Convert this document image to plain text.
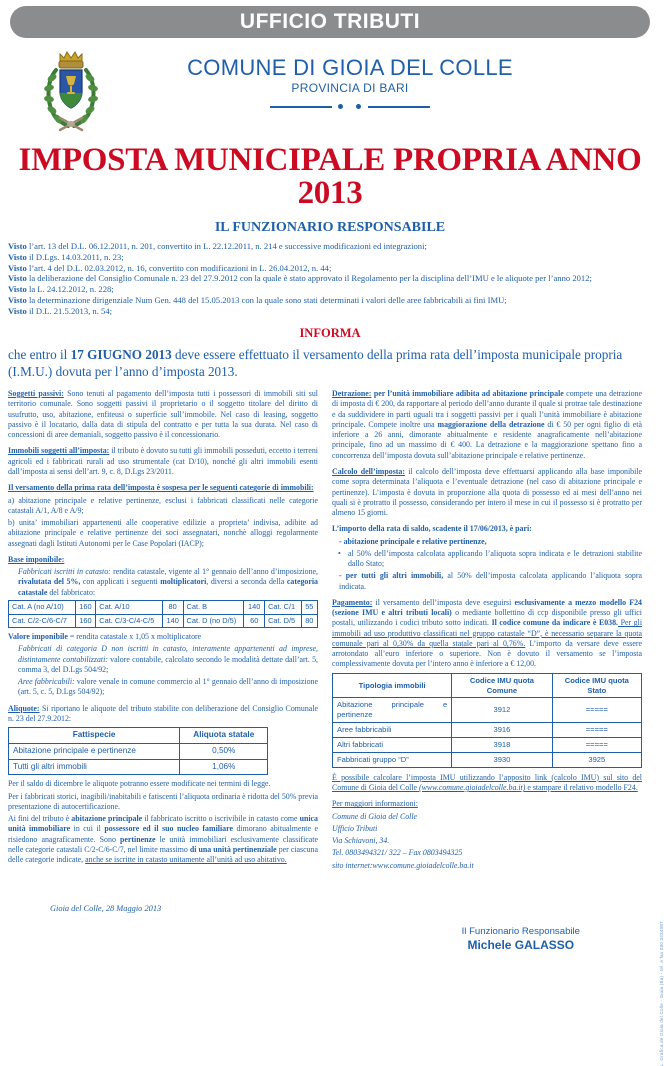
UFFICIO TRIBUTI
COMUNE DI GIOIA DEL COLLE
PROVINCIA DI BARI
IMPOSTA MUNICIPALE PROPRIA ANNO 2013
IL FUNZIONARIO RESPONSABILE

Visto l’art. 13 del D.L. 06.12.2011, n. 201, convertito in L. 22.12.2011, n. 214 e successive modificazioni ed integrazioni;

Visto il D.Lgs. 14.03.2011, n. 23;

Visto l’art. 4 del D.L. 02.03.2012, n. 16, convertito con modificazioni in L. 26.04.2012, n. 44;

Visto la deliberazione del Consiglio Comunale n. 23 del 27.9.2012 con la quale è stato approvato il Regolamento per la disciplina dell’IMU e le aliquote per l’anno 2012;

Visto la L. 24.12.2012, n. 228;

Visto la determinazione dirigenziale Num Gen. 448 del 15.05.2013 con la quale sono stati determinati i valori delle aree fabbricabili ai fini IMU;

Visto il D.L. 21.5.2013, n. 54;

INFORMA
che entro il 17 GIUGNO 2013 deve essere effettuato il versamento della prima rata dell’imposta municipale propria (I.M.U.) dovuta per l’anno d’imposta 2013.

Soggetti passivi: Sono tenuti al pagamento dell’imposta tutti i possessori di immobili siti sul territorio comunale. Sono soggetti passivi il proprietario o il soggetto titolare del diritto di usufrutto, uso, abitazione, enfiteusi o superficie sull’immobile. Nel caso di leasing, soggetto passivo è il locatario, dalla data di stipula del contratto e per tutta la sua durata. Nel caso di concessioni di aree demaniali, soggetto passivo è il concessionario.

Immobili soggetti all’imposta: il tributo è dovuto su tutti gli immobili posseduti, eccetto i terreni agricoli ed i fabbricati rurali ad uso strumentale (cat D/10), nonché gli altri immobili esenti dall’imposta ai sensi dell’art. 9, c. 8, D.Lgs 23/2011.

Il versamento della prima rata dell’imposta è sospesa per le seguenti categorie di immobili:

a) abitazione principale e relative pertinenze, esclusi i fabbricati classificati nelle categorie catastali A/1, A/8 e A/9;

b) unita’ immobiliari appartenenti alle cooperative edilizie a proprieta’ indivisa, adibite ad abitazione principale e relative pertinenze dei soci assegnatari, nonchè alloggi regolarmente assegnati dagli Istituti Autonomi per le Case Popolari (IACP);

Base imponibile:

Fabbricati iscritti in catasto: rendita catastale, vigente al 1° gennaio dell’anno d’imposizione, rivalutata del 5%, con applicati i seguenti moltiplicatori, diversi a seconda della categoria catastale del fabbricato:

Cat. A (no A/10)	160	Cat. A/10	80	Cat. B	140	Cat. C/1	55
Cat. C/2-C/6-C/7	160	Cat. C/3-C/4-C/5	140	Cat. D (no D/5)	60	Cat. D/5	80

Valore imponibile = rendita catastale x 1,05 x moltiplicatore

Fabbricati di categoria D non iscritti in catasto, interamente appartenenti ad imprese, distintamente contabilizzati: valore contabile, calcolato secondo le modalità dettate dall’art. 5, comma 3, del D.Lgs 504/92;

Aree fabbricabili: valore venale in comune commercio al 1° gennaio dell’anno di imposizione (art. 5, c. 5, D.Lgs 504/92);

Aliquote: Si riportano le aliquote del tributo stabilite con deliberazione del Consiglio Comunale n. 23 del 27.9.2012:

Fattispecie	Aliquota statale
Abitazione principale e pertinenze	0,50%
Tutti gli altri immobili	1,06%

Per il saldo di dicembre le aliquote potranno essere modificate nei termini di legge.

Per i fabbricati storici, inagibili/inabitabili e fatiscenti l’aliquota ordinaria è ridotta del 50% previa presentazione di autocertificazione.

Ai fini del tributo è abitazione principale il fabbricato iscritto o iscrivibile in catasto come unica unità immobiliare in cui il possessore ed il suo nucleo familiare dimorano abitualmente e risiedono anagraficamente. Sono pertinenze le unità immobiliari esclusivamente classificate nelle categorie catastali C/2-C/6-C/7, nel limite massimo di una unità pertinenziale per ciascuna delle categorie indicate, anche se iscritte in catasto unitamente all’unità ad uso abitativo.

Detrazione: per l’unità immobiliare adibita ad abitazione principale compete una detrazione di imposta di € 200, da rapportare al periodo dell’anno durante il quale si protrae tale destinazione e da suddividere in parti uguali tra i soggetti passivi per i quali l’unità immobiliare è abitazione principale. Compete inoltre una maggiorazione della detrazione di € 50 per ogni figlio di età inferiore a 26 anni, dimorante abitualmente e residente anagraficamente nell’abitazione principale, fino ad un massimo di € 400. La detrazione e la maggiorazione spettano fino a concorrenza dell’imposta dovuta sull’abitazione principale e relative pertinenze.

Calcolo dell’imposta: il calcolo dell’imposta deve effettuarsi applicando alla base imponibile come sopra determinata l’aliquota e l’eventuale detrazione (nel caso di abitazione principale e pertinenze). L’imposta è dovuta in proporzione alla quota di possesso ed ai mesi dell’anno nei quali si è protratto il possesso, considerando per intero il mese in cui il possesso si è protratto per almeno 15 giorni.

L’importo della rata di saldo, scadente il 17/06/2013, è pari:

- abitazione principale e relative pertinenze,

• al 50% dell’imposta calcolata applicando l’aliquota sopra indicata e le detrazioni stabilite dallo Stato;

- per tutti gli altri immobili, al 50% dell’imposta calcolata applicando l’aliquota sopra indicata.

Pagamento: il versamento dell’imposta deve eseguirsi esclusivamente a mezzo modello F24 (sezione IMU e altri tributi locali) o mediante bollettino di ccp disponibile presso gli uffici postali, utilizzando i codici tributo sotto indicati. Il codice comune da indicare è E038. Per gli immobili ad uso produttivo classificati nel gruppo catastale “D”, è necessario separare la quota comunale pari al 0,30% da quella statale pari al 0,76%. L’importo da versare deve essere arrotondato all’euro inferiore o superiore. Non è dovuto il versamento se l’imposta complessivamente dovuta per l’intero anno è inferiore a € 12,00.

Tipologia immobili	Codice IMU quota Comune	Codice IMU quota Stato
Abitazione principale e pertinenze	3912	=====
Aree fabbricabili	3916	=====
Altri fabbricati	3918	=====
Fabbricati gruppo “D”	3930	3925

È possibile calcolare l’imposta IMU utilizzando l’apposito link (calcolo IMU) sul sito del Comune di Gioia del Colle (www.comune.gioiadelcolle.ba.it) e stampare il relativo modello F24.

Per maggiori informazioni:

Comune di Gioia del Colle

Ufficio Tributi

Via Schiavoni, 34.

Tel. 0803494321/ 322 – Fax 0803494325

sito internet:www.comune.gioiadelcolle.ba.it

Gioia del Colle, 28 Maggio 2013
Il Funzionario Responsabile
Michele GALASSO	L. Grafica de Gioia del Colle - Gioia (Ba) - tel. e fax 080 3434987
